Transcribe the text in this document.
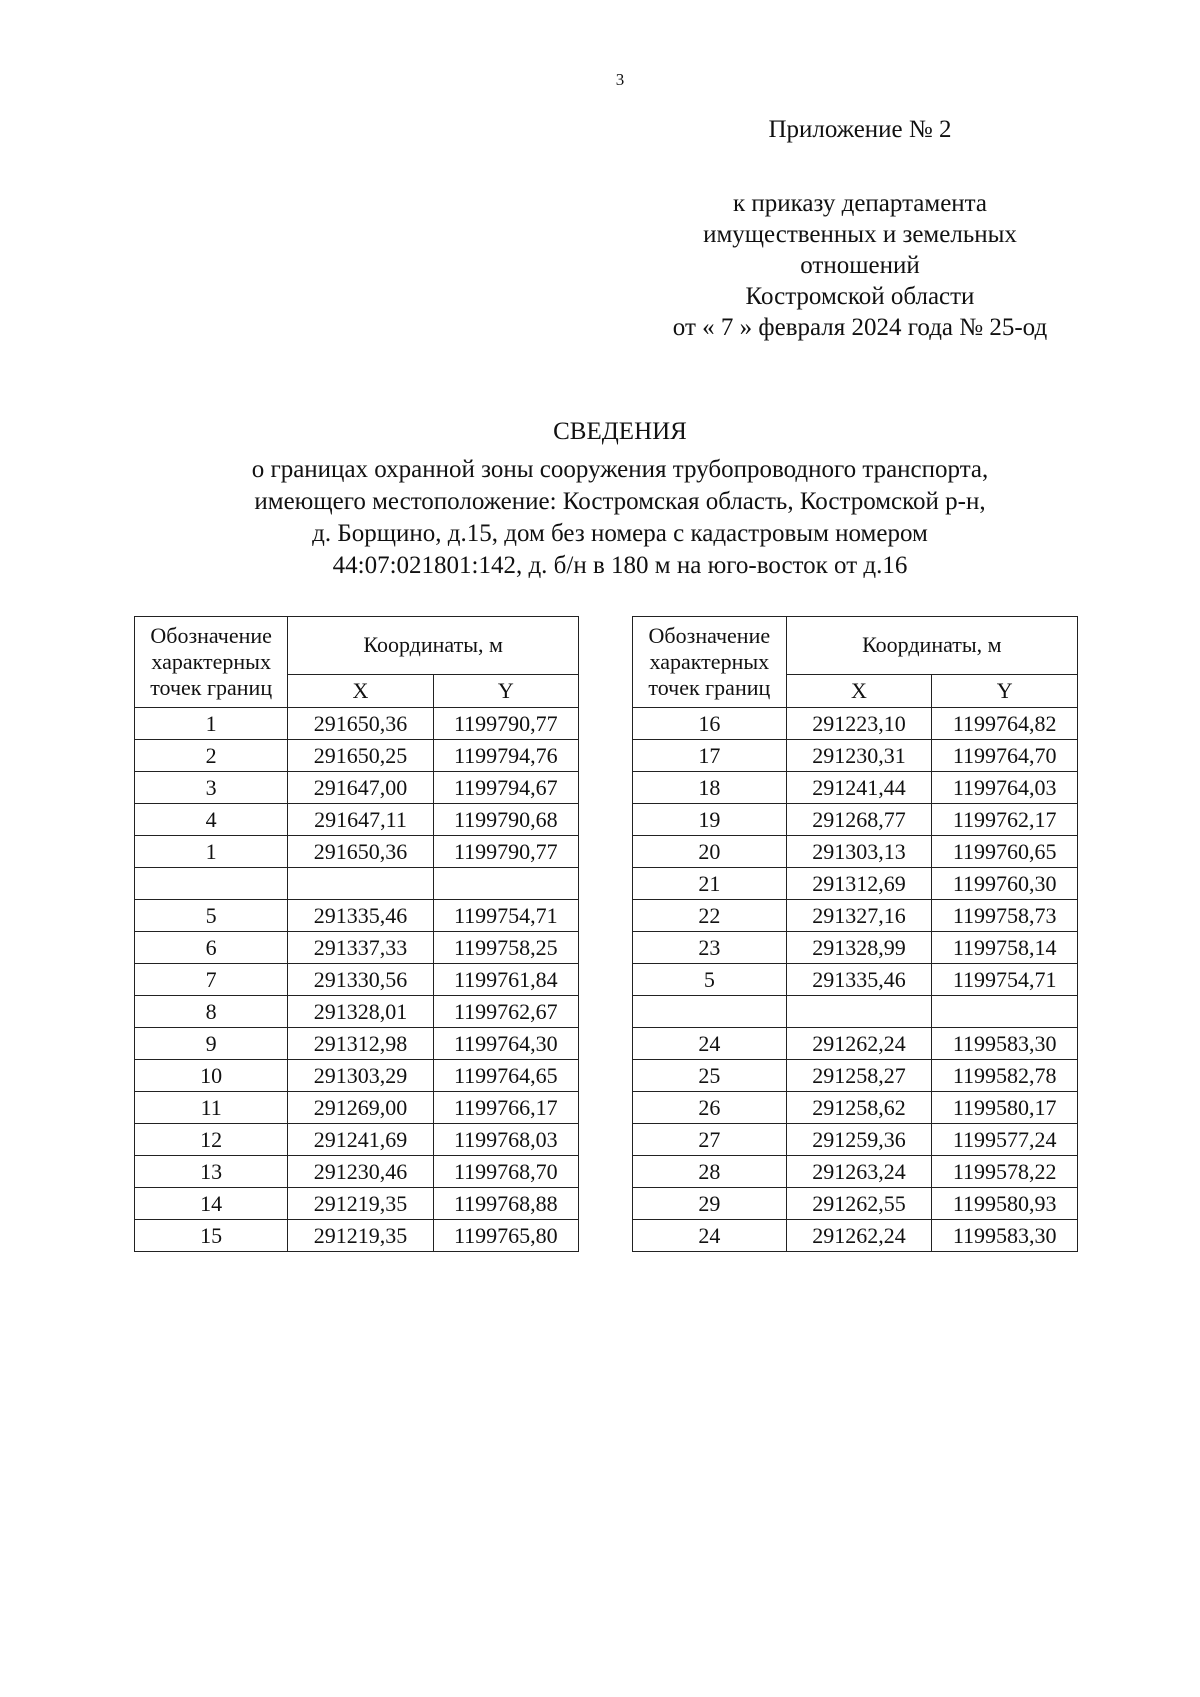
3
Приложение № 2
к приказу департамента
имущественных и земельных
отношений
Костромской области
от « 7 » февраля 2024 года № 25-од
СВЕДЕНИЯ
о границах охранной зоны сооружения трубопроводного транспорта,
имеющего местоположение: Костромская область, Костромской р-н,
д. Борщино, д.15, дом без номера с кадастровым номером
44:07:021801:142, д. б/н в 180 м на юго-восток от д.16
Обозначение
характерных
точек границ	Координаты, м	
	X	Y
1	291650,36	1199790,77
2	291650,25	1199794,76
3	291647,00	1199794,67
4	291647,11	1199790,68
1	291650,36	1199790,77

5	291335,46	1199754,71
6	291337,33	1199758,25
7	291330,56	1199761,84
8	291328,01	1199762,67
9	291312,98	1199764,30
10	291303,29	1199764,65
11	291269,00	1199766,17
12	291241,69	1199768,03
13	291230,46	1199768,70
14	291219,35	1199768,88
15	291219,35	1199765,80
Обозначение
характерных
точек границ	Координаты, м	
	X	Y
16	291223,10	1199764,82
17	291230,31	1199764,70
18	291241,44	1199764,03
19	291268,77	1199762,17
20	291303,13	1199760,65
21	291312,69	1199760,30
22	291327,16	1199758,73
23	291328,99	1199758,14
5	291335,46	1199754,71

24	291262,24	1199583,30
25	291258,27	1199582,78
26	291258,62	1199580,17
27	291259,36	1199577,24
28	291263,24	1199578,22
29	291262,55	1199580,93
24	291262,24	1199583,30
